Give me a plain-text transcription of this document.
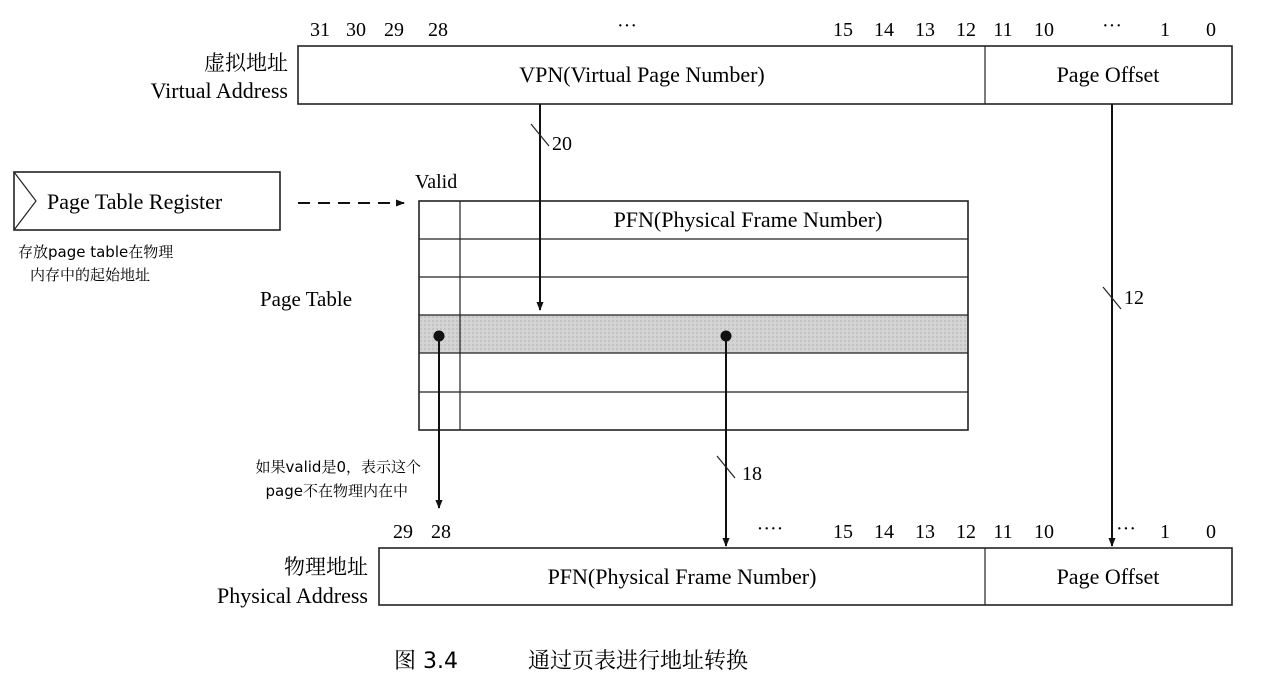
虚拟地址
Virtual Address
31 30 29 28	···	15 14 13 12 11 10 ··· 1 0
VPN(Virtual Page Number)	Page Offset
Page Table Register
存放page table在物理
内存中的起始地址
Valid
Page Table
PFN(Physical Frame Number)
20
12
18
如果valid是0，表示这个
page不在物理内在中
29 28	···· 15 14 13 12 11 10	··· 1 0
物理地址
Physical Address
PFN(Physical Frame Number)	Page Offset
图 3.4	通过页表进行地址转换
